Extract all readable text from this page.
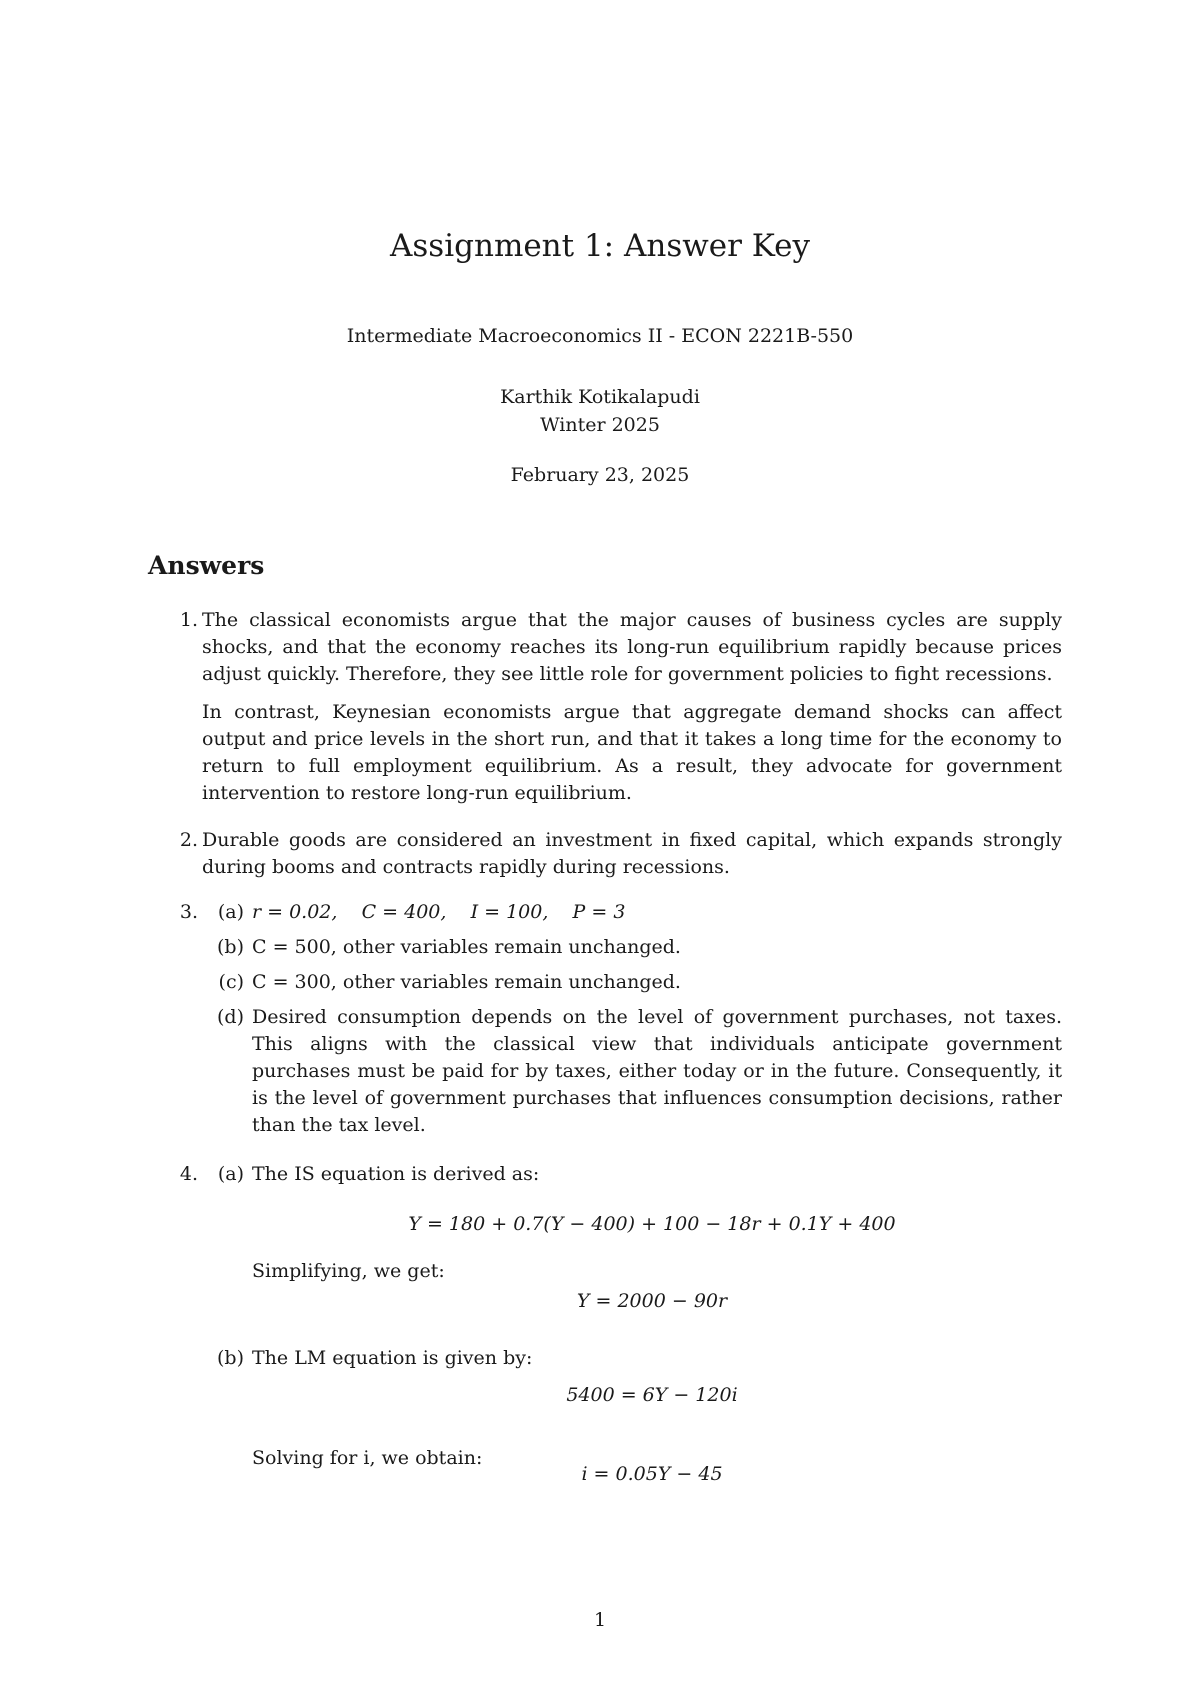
Assignment 1: Answer Key
Intermediate Macroeconomics II - ECON 2221B-550
Karthik Kotikalapudi
Winter 2025
February 23, 2025
Answers
1. The classical economists argue that the major causes of business cycles are supply shocks, and that the economy reaches its long-run equilibrium rapidly because prices adjust quickly. Therefore, they see little role for government policies to fight recessions.

In contrast, Keynesian economists argue that aggregate demand shocks can affect output and price levels in the short run, and that it takes a long time for the economy to return to full employment equilibrium. As a result, they advocate for government intervention to restore long-run equilibrium.

2. Durable goods are considered an investment in fixed capital, which expands strongly during booms and contracts rapidly during recessions.

3.	(a) r = 0.02,    C = 400,    I = 100,    P = 3
(b) C = 500, other variables remain unchanged.
(c) C = 300, other variables remain unchanged.
(d) Desired consumption depends on the level of government purchases, not taxes. This aligns with the classical view that individuals anticipate government purchases must be paid for by taxes, either today or in the future. Consequently, it is the level of government purchases that influences consumption decisions, rather than the tax level.
4.	(a) The IS equation is derived as:
Simplifying, we get:
(b) The LM equation is given by:
Solving for i, we obtain:
Y = 180 + 0.7(Y − 400) + 100 − 18r + 0.1Y + 400
Y = 2000 − 90r
5400 = 6Y − 120i
i = 0.05Y − 45
1
